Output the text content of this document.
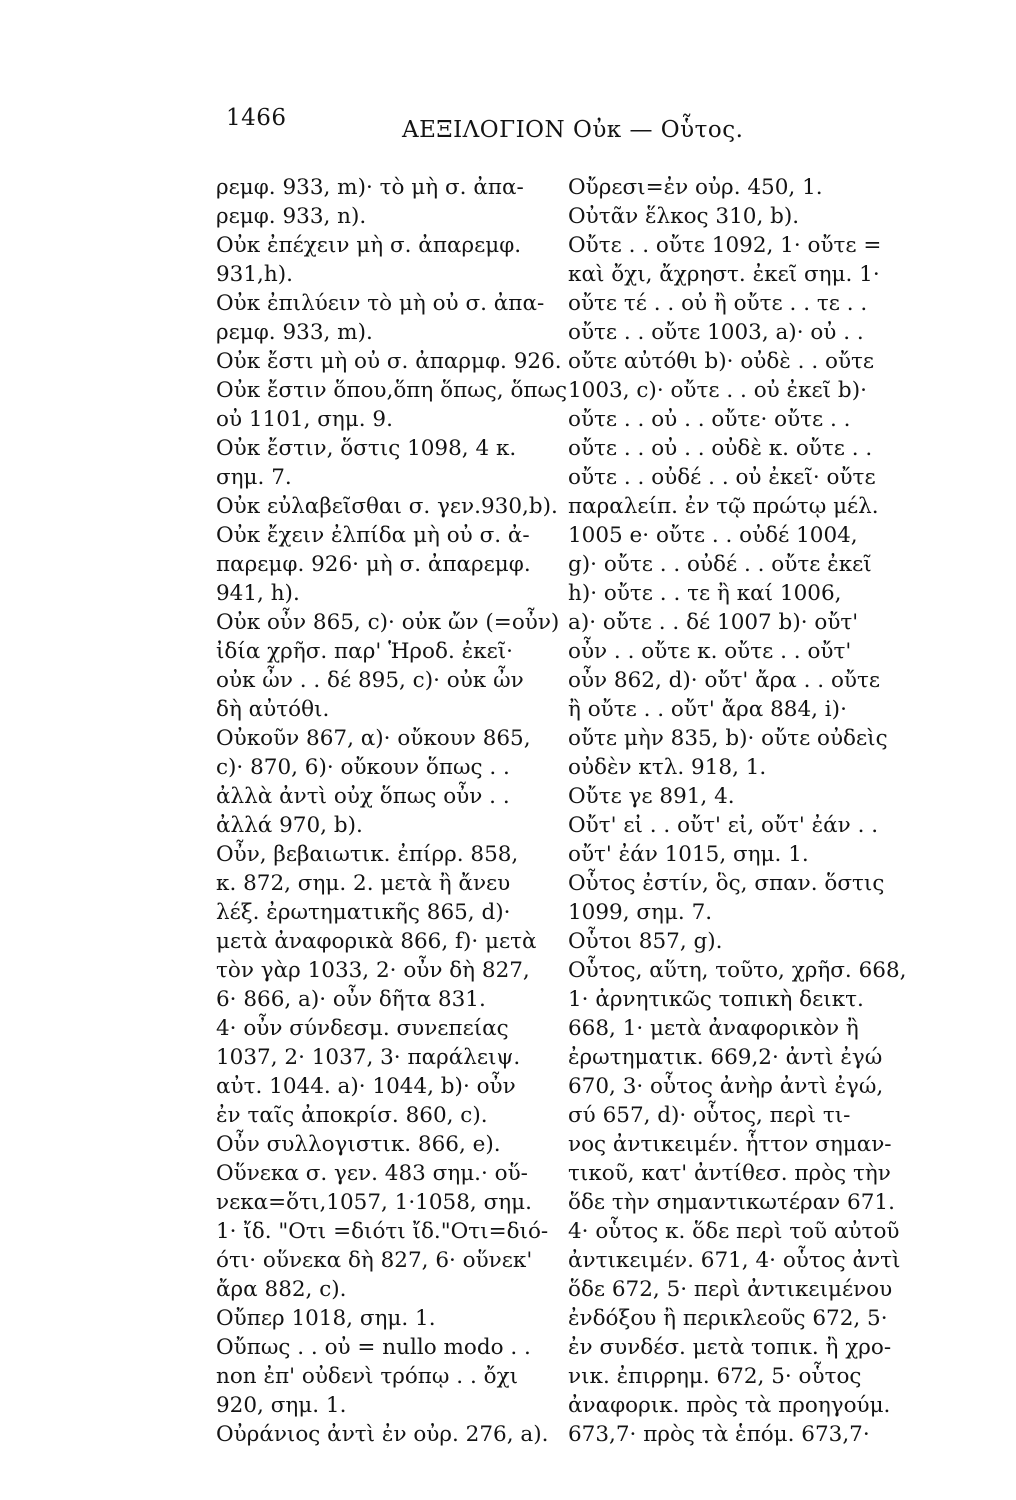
1466	ΑΕΞΙΛΟΓΙΟΝ Οὐκ — Οὗτος.
ρεμφ. 933, m)· τὸ μὴ σ. ἀπα-
ρεμφ. 933, n).
Οὐκ ἐπέχειν μὴ σ. ἀπαρεμφ.
931,h).
Οὐκ ἐπιλύειν τὸ μὴ οὐ σ. ἀπα-
ρεμφ. 933, m).
Οὐκ ἔστι μὴ οὐ σ. ἀπαρμφ. 926.
Οὐκ ἔστιν ὅπου,ὅπη ὅπως, ὅπως
οὐ 1101, σημ. 9.
Οὐκ ἔστιν, ὅστις 1098, 4 κ.
σημ. 7.
Οὐκ εὐλαβεῖσθαι σ. γεν.930,b).
Οὐκ ἔχειν ἐλπίδα μὴ οὐ σ. ἀ-
παρεμφ. 926· μὴ σ. ἀπαρεμφ.
941, h).
Οὐκ οὖν 865, c)· οὐκ ὤν (=οὖν)
ἰδία χρῆσ. παρ' Ἡροδ. ἐκεῖ·
οὐκ ὦν . . δέ 895, c)· οὐκ ὦν
δὴ αὐτόθι.
Οὐκοῦν 867, α)· οὔκουν 865,
c)· 870, 6)· οὔκουν ὅπως . .
ἀλλὰ ἀντὶ οὐχ ὅπως οὖν . .
ἀλλά 970, b).
Οὖν, βεβαιωτικ. ἐπίρρ. 858,
κ. 872, σημ. 2. μετὰ ἢ ἄνευ
λέξ. ἐρωτηματικῆς 865, d)·
μετὰ ἀναφορικὰ 866, f)· μετὰ
τὸν γὰρ 1033, 2· οὖν δὴ 827,
6· 866, a)· οὖν δῆτα 831.
4· οὖν σύνδεσμ. συνεπείας
1037, 2· 1037, 3· παράλειψ.
αὐτ. 1044. a)· 1044, b)· οὖν
ἐν ταῖς ἀποκρίσ. 860, c).
Οὖν συλλογιστικ. 866, e).
Οὕνεκα σ. γεν. 483 σημ.· οὕ-
νεκα=ὅτι,1057, 1·1058, σημ.
1· ἴδ. "Οτι =διότι ἴδ."Οτι=διό-
ότι· οὕνεκα δὴ 827, 6· οὕνεκ'
ἄρα 882, c).
Οὔπερ 1018, σημ. 1.
Οὔπως . . οὐ = nullo modo . .
non ἐπ' οὐδενὶ τρόπῳ . . ὄχι
920, σημ. 1.
Οὐράνιος ἀντὶ ἐν οὐρ. 276, a).
Οὔρεσι=ἐν οὐρ. 450, 1.
Οὐτᾶν ἕλκος 310, b).
Οὔτε . . οὔτε 1092, 1· οὔτε =
καὶ ὄχι, ἄχρηστ. ἐκεῖ σημ. 1·
οὔτε τέ . . οὐ ἢ οὔτε . . τε . .
οὔτε . . οὔτε 1003, a)· οὐ . .
οὔτε αὐτόθι b)· οὐδὲ . . οὔτε
1003, c)· οὔτε . . οὐ ἐκεῖ b)·
οὔτε . . οὐ . . οὔτε· οὔτε . .
οὔτε . . οὐ . . οὐδὲ κ. οὔτε . .
οὔτε . . οὐδέ . . οὐ ἐκεῖ· οὔτε
παραλείπ. ἐν τῷ πρώτῳ μέλ.
1005 e· οὔτε . . οὐδέ 1004,
g)· οὔτε . . οὐδέ . . οὔτε ἐκεῖ
h)· οὔτε . . τε ἢ καί 1006,
a)· οὔτε . . δέ 1007 b)· οὔτ'
οὖν . . οὔτε κ. οὔτε . . οὔτ'
οὖν 862, d)· οὔτ' ἄρα . . οὔτε
ἢ οὔτε . . οὔτ' ἄρα 884, i)·
οὔτε μὴν 835, b)· οὔτε οὐδεὶς
οὐδὲν κτλ. 918, 1.
Οὔτε γε 891, 4.
Οὔτ' εἰ . . οὔτ' εἰ, οὔτ' ἐάν . .
οὔτ' ἐάν 1015, σημ. 1.
Οὗτος ἐστίν, ὃς, σπαν. ὅστις
1099, σημ. 7.
Οὗτοι 857, g).
Οὗτος, αὕτη, τοῦτο, χρῆσ. 668,
1· ἀρνητικῶς τοπικὴ δεικτ.
668, 1· μετὰ ἀναφορικὸν ἢ
ἐρωτηματικ. 669,2· ἀντὶ ἐγώ
670, 3· οὗτος ἀνὴρ ἀντὶ ἐγώ,
σύ 657, d)· οὗτος, περὶ τι-
νος ἀντικειμέν. ἧττον σημαν-
τικοῦ, κατ' ἀντίθεσ. πρὸς τὴν
ὅδε τὴν σημαντικωτέραν 671.
4· οὗτος κ. ὅδε περὶ τοῦ αὐτοῦ
ἀντικειμέν. 671, 4· οὗτος ἀντὶ
ὅδε 672, 5· περὶ ἀντικειμένου
ἐνδόξου ἢ περικλεοῦς 672, 5·
ἐν συνδέσ. μετὰ τοπικ. ἢ χρο-
νικ. ἐπιρρημ. 672, 5· οὗτος
ἀναφορικ. πρὸς τὰ προηγούμ.
673,7· πρὸς τὰ ἑπόμ. 673,7·
